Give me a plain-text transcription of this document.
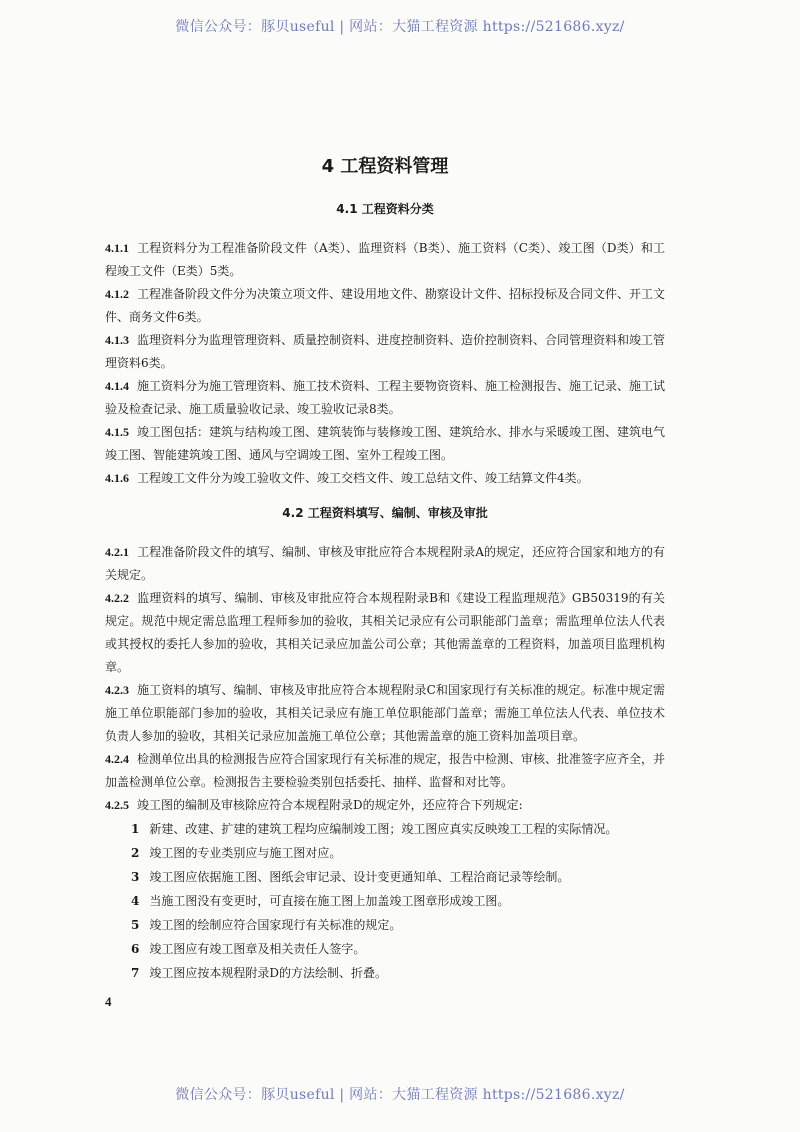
微信公众号：豚贝useful | 网站：大猫工程资源 https://521686.xyz/
4 工程资料管理
4.1 工程资料分类

4.1.1 工程资料分为工程准备阶段文件（A类）、监理资料（B类）、施工资料（C类）、竣工图（D类）和工程竣工文件（E类）5类。

4.1.2 工程准备阶段文件分为决策立项文件、建设用地文件、勘察设计文件、招标投标及合同文件、开工文件、商务文件6类。

4.1.3 监理资料分为监理管理资料、质量控制资料、进度控制资料、造价控制资料、合同管理资料和竣工管理资料6类。

4.1.4 施工资料分为施工管理资料、施工技术资料、工程主要物资资料、施工检测报告、施工记录、施工试验及检查记录、施工质量验收记录、竣工验收记录8类。

4.1.5 竣工图包括：建筑与结构竣工图、建筑装饰与装修竣工图、建筑给水、排水与采暖竣工图、建筑电气竣工图、智能建筑竣工图、通风与空调竣工图、室外工程竣工图。

4.1.6 工程竣工文件分为竣工验收文件、竣工交档文件、竣工总结文件、竣工结算文件4类。

4.2 工程资料填写、编制、审核及审批

4.2.1 工程准备阶段文件的填写、编制、审核及审批应符合本规程附录A的规定，还应符合国家和地方的有关规定。

4.2.2 监理资料的填写、编制、审核及审批应符合本规程附录B和《建设工程监理规范》GB50319的有关规定。规范中规定需总监理工程师参加的验收，其相关记录应有公司职能部门盖章；需监理单位法人代表或其授权的委托人参加的验收，其相关记录应加盖公司公章；其他需盖章的工程资料，加盖项目监理机构章。

4.2.3 施工资料的填写、编制、审核及审批应符合本规程附录C和国家现行有关标准的规定。标准中规定需施工单位职能部门参加的验收，其相关记录应有施工单位职能部门盖章；需施工单位法人代表、单位技术负责人参加的验收，其相关记录应加盖施工单位公章；其他需盖章的施工资料加盖项目章。

4.2.4 检测单位出具的检测报告应符合国家现行有关标准的规定，报告中检测、审核、批准签字应齐全，并加盖检测单位公章。检测报告主要检验类别包括委托、抽样、监督和对比等。

4.2.5 竣工图的编制及审核除应符合本规程附录D的规定外，还应符合下列规定:

1 新建、改建、扩建的建筑工程均应编制竣工图；竣工图应真实反映竣工工程的实际情况。

2 竣工图的专业类别应与施工图对应。

3 竣工图应依据施工图、图纸会审记录、设计变更通知单、工程洽商记录等绘制。

4 当施工图没有变更时，可直接在施工图上加盖竣工图章形成竣工图。

5 竣工图的绘制应符合国家现行有关标准的规定。

6 竣工图应有竣工图章及相关责任人签字。

7 竣工图应按本规程附录D的方法绘制、折叠。

4
微信公众号：豚贝useful | 网站：大猫工程资源 https://521686.xyz/
